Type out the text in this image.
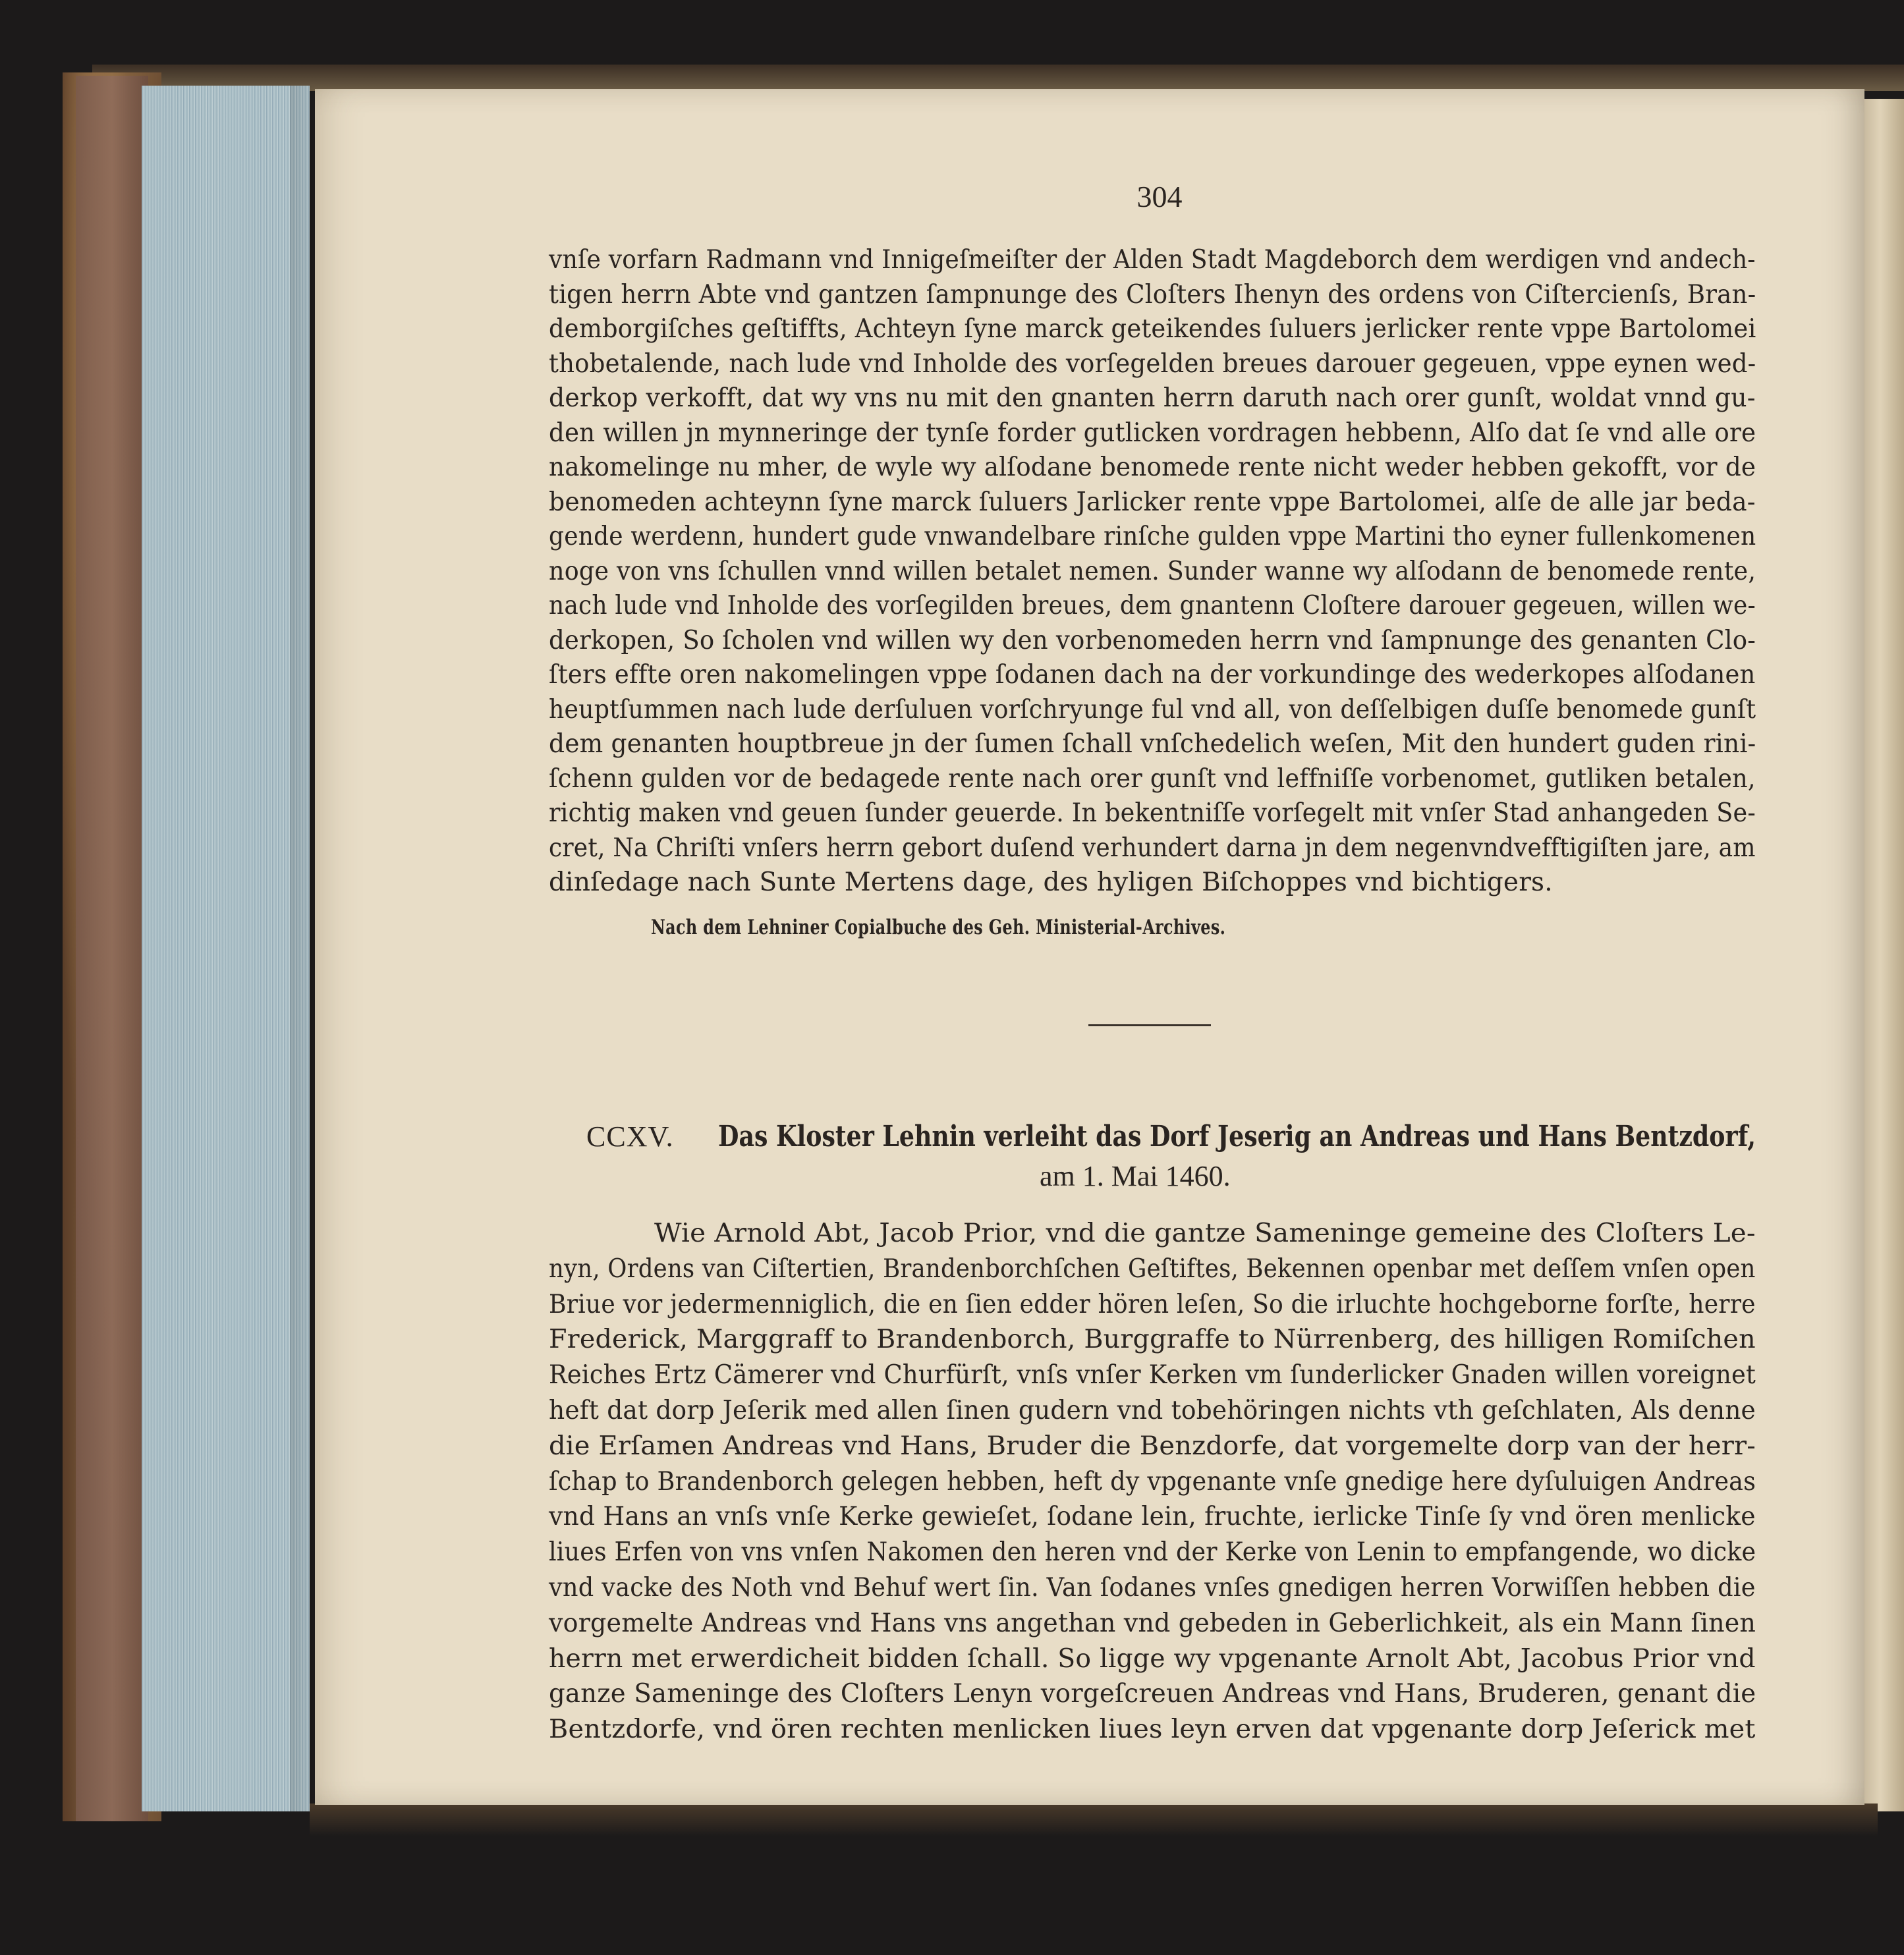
304
vnſe vorfarn Radmann vnd Innigeſmeiſter der Alden Stadt Magdeborch dem werdigen vnd andech-
tigen herrn Abte vnd gantzen ſampnunge des Cloſters Ihenyn des ordens von Ciſtercienſs, Bran-
demborgiſches geſtiffts, Achteyn ſyne marck geteikendes ſuluers jerlicker rente vppe Bartolomei
thobetalende, nach lude vnd Inholde des vorſegelden breues darouer gegeuen, vppe eynen wed-
derkop verkofft, dat wy vns nu mit den gnanten herrn daruth nach orer gunſt, woldat vnnd gu-
den willen jn mynneringe der tynſe forder gutlicken vordragen hebbenn, Alſo dat ſe vnd alle ore
nakomelinge nu mher, de wyle wy alſodane benomede rente nicht weder hebben gekofft, vor de
benomeden achteynn ſyne marck ſuluers Jarlicker rente vppe Bartolomei, alſe de alle jar beda-
gende werdenn, hundert gude vnwandelbare rinſche gulden vppe Martini tho eyner fullenkomenen
noge von vns ſchullen vnnd willen betalet nemen. Sunder wanne wy alſodann de benomede rente,
nach lude vnd Inholde des vorſegilden breues, dem gnantenn Cloſtere darouer gegeuen, willen we-
derkopen, So ſcholen vnd willen wy den vorbenomeden herrn vnd ſampnunge des genanten Clo-
ſters effte oren nakomelingen vppe ſodanen dach na der vorkundinge des wederkopes alſodanen
heuptſummen nach lude derſuluen vorſchryunge ful vnd all, von deſſelbigen duſſe benomede gunſt
dem genanten houptbreue jn der ſumen ſchall vnſchedelich weſen, Mit den hundert guden rini-
ſchenn gulden vor de bedagede rente nach orer gunſt vnd leffniſſe vorbenomet, gutliken betalen,
richtig maken vnd geuen ſunder geuerde. In bekentniſſe vorſegelt mit vnſer Stad anhangeden Se-
cret, Na Chriſti vnſers herrn gebort duſend verhundert darna jn dem negenvndvefftigiſten jare, am
dinſedage nach Sunte Mertens dage, des hyligen Biſchoppes vnd bichtigers.
Nach dem Lehniner Copialbuche des Geh. Ministerial-Archives.
CCXV. Das Kloster Lehnin verleiht das Dorf Jeserig an Andreas und Hans Bentzdorf,
am 1. Mai 1460.
Wie Arnold Abt, Jacob Prior, vnd die gantze Sameninge gemeine des Cloſters Le-
nyn, Ordens van Ciſtertien, Brandenborchſchen Geſtiftes, Bekennen openbar met deſſem vnſen open
Briue vor jedermenniglich, die en ſien edder hören leſen, So die irluchte hochgeborne forſte, herre
Frederick, Marggraff to Brandenborch, Burggraffe to Nürrenberg, des hilligen Romiſchen
Reiches Ertz Cämerer vnd Churfürſt, vnſs vnſer Kerken vm ſunderlicker Gnaden willen voreignet
heft dat dorp Jeſerik med allen ſinen gudern vnd tobehöringen nichts vth geſchlaten, Als denne
die Erſamen Andreas vnd Hans, Bruder die Benzdorfe, dat vorgemelte dorp van der herr-
ſchap to Brandenborch gelegen hebben, heft dy vpgenante vnſe gnedige here dyſuluigen Andreas
vnd Hans an vnſs vnſe Kerke gewieſet, ſodane lein, fruchte, ierlicke Tinſe ſy vnd ören menlicke
liues Erfen von vns vnſen Nakomen den heren vnd der Kerke von Lenin to empfangende, wo dicke
vnd vacke des Noth vnd Behuf wert ſin. Van ſodanes vnſes gnedigen herren Vorwiſſen hebben die
vorgemelte Andreas vnd Hans vns angethan vnd gebeden in Geberlichkeit, als ein Mann ſinen
herrn met erwerdicheit bidden ſchall. So ligge wy vpgenante Arnolt Abt, Jacobus Prior vnd
ganze Sameninge des Cloſters Lenyn vorgeſcreuen Andreas vnd Hans, Bruderen, genant die
Bentzdorfe, vnd ören rechten menlicken liues leyn erven dat vpgenante dorp Jeſerick met
